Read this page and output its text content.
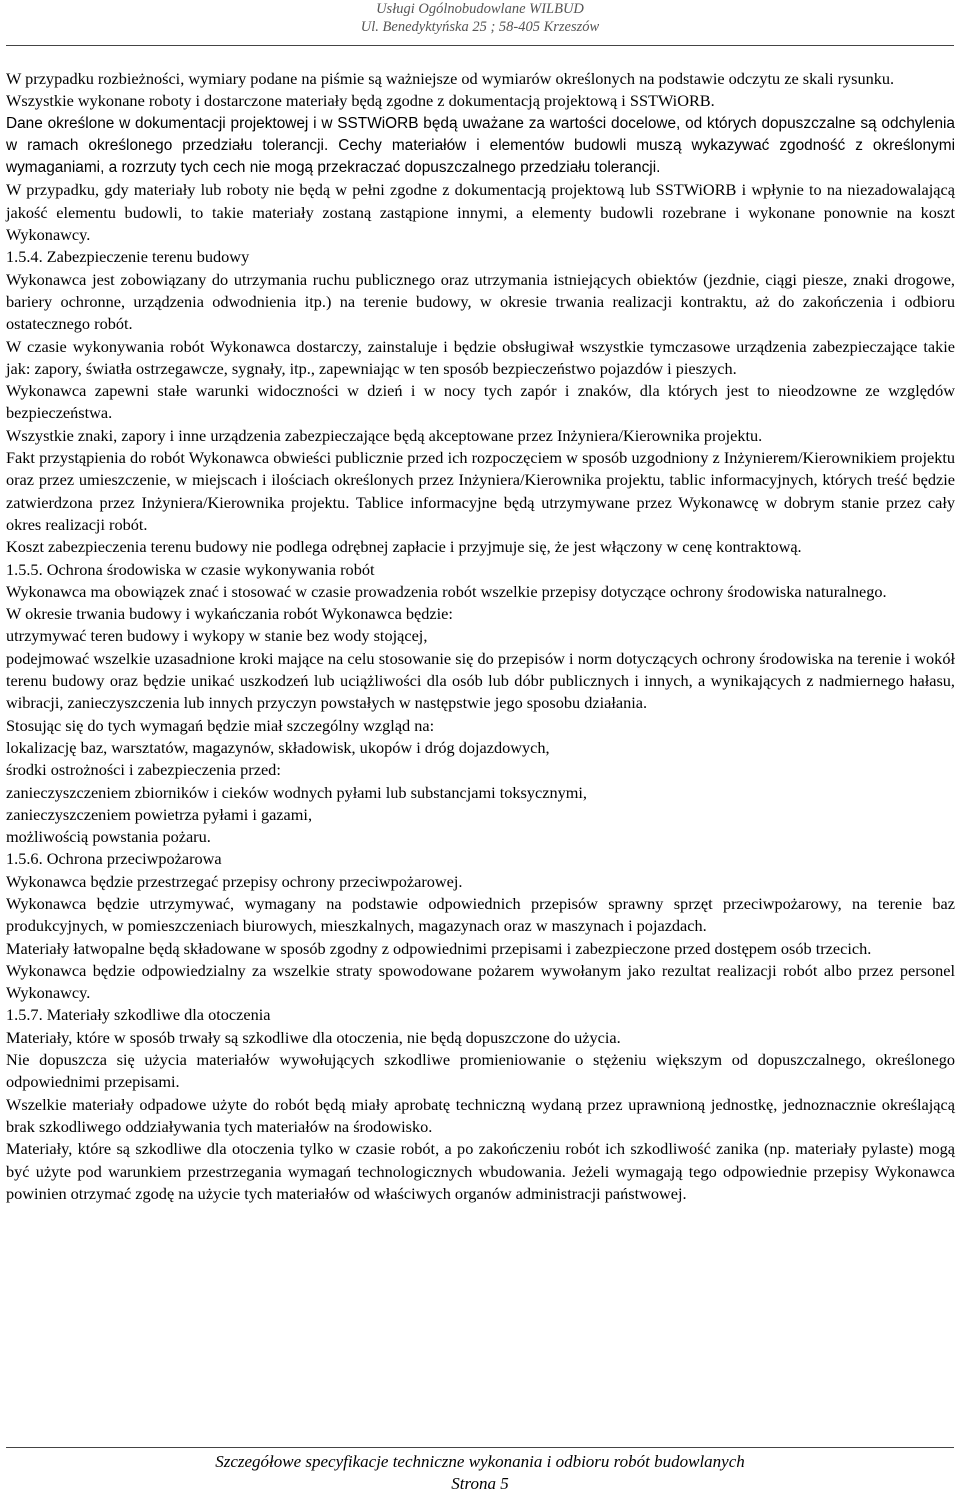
Usługi Ogólnobudowlane WILBUD
Ul. Benedyktyńska 25 ; 58-405 Krzeszów

W przypadku rozbieżności, wymiary podane na piśmie są ważniejsze od wymiarów określonych na podstawie odczytu ze skali rysunku.

Wszystkie wykonane roboty i dostarczone materiały będą zgodne z dokumentacją projektową i SSTWiORB.

Dane określone w dokumentacji projektowej i w SSTWiORB będą uważane za wartości docelowe, od których dopuszczalne są odchylenia w ramach określonego przedziału tolerancji. Cechy materiałów i elementów budowli muszą wykazywać zgodność z określonymi wymaganiami, a rozrzuty tych cech nie mogą przekraczać dopuszczalnego przedziału tolerancji.

W przypadku, gdy materiały lub roboty nie będą w pełni zgodne z dokumentacją projektową lub SSTWiORB i wpłynie to na niezadowalającą jakość elementu budowli, to takie materiały zostaną zastąpione innymi, a elementy budowli rozebrane i wykonane ponownie na koszt Wykonawcy.

1.5.4. Zabezpieczenie terenu budowy

Wykonawca jest zobowiązany do utrzymania ruchu publicznego oraz utrzymania istniejących obiektów (jezdnie, ciągi piesze, znaki drogowe, bariery ochronne, urządzenia odwodnienia itp.) na terenie budowy, w okresie trwania realizacji kontraktu, aż do zakończenia i odbioru ostatecznego robót.

W czasie wykonywania robót Wykonawca dostarczy, zainstaluje i będzie obsługiwał wszystkie tymczasowe urządzenia zabezpieczające takie jak: zapory, światła ostrzegawcze, sygnały, itp., zapewniając w ten sposób bezpieczeństwo pojazdów i pieszych.

Wykonawca zapewni stałe warunki widoczności w dzień i w nocy tych zapór i znaków, dla których jest to nieodzowne ze względów bezpieczeństwa.

Wszystkie znaki, zapory i inne urządzenia zabezpieczające będą akceptowane przez Inżyniera/Kierownika projektu.

Fakt przystąpienia do robót Wykonawca obwieści publicznie przed ich rozpoczęciem w sposób uzgodniony z Inżynierem/Kierownikiem projektu oraz przez umieszczenie, w miejscach i ilościach określonych przez Inżyniera/Kierownika projektu, tablic informacyjnych, których treść będzie zatwierdzona przez Inżyniera/Kierownika projektu. Tablice informacyjne będą utrzymywane przez Wykonawcę w dobrym stanie przez cały okres realizacji robót.

Koszt zabezpieczenia terenu budowy nie podlega odrębnej zapłacie i przyjmuje się, że jest włączony w cenę kontraktową.

1.5.5. Ochrona środowiska w czasie wykonywania robót

Wykonawca ma obowiązek znać i stosować w czasie prowadzenia robót wszelkie przepisy dotyczące ochrony środowiska naturalnego.

W okresie trwania budowy i wykańczania robót Wykonawca będzie:

utrzymywać teren budowy i wykopy w stanie bez wody stojącej,

podejmować wszelkie uzasadnione kroki mające na celu stosowanie się do przepisów i norm dotyczących ochrony środowiska na terenie i wokół terenu budowy oraz będzie unikać uszkodzeń lub uciążliwości dla osób lub dóbr publicznych i innych, a wynikających z nadmiernego hałasu, wibracji, zanieczyszczenia lub innych przyczyn powstałych w następstwie jego sposobu działania.

Stosując się do tych wymagań będzie miał szczególny wzgląd na:

lokalizację baz, warsztatów, magazynów, składowisk, ukopów i dróg dojazdowych,

środki ostrożności i zabezpieczenia przed:

zanieczyszczeniem zbiorników i cieków wodnych pyłami lub substancjami toksycznymi,

zanieczyszczeniem powietrza pyłami i gazami,

możliwością powstania pożaru.

1.5.6. Ochrona przeciwpożarowa

Wykonawca będzie przestrzegać przepisy ochrony przeciwpożarowej.

Wykonawca będzie utrzymywać, wymagany na podstawie odpowiednich przepisów sprawny sprzęt przeciwpożarowy, na terenie baz produkcyjnych, w pomieszczeniach biurowych, mieszkalnych, magazynach oraz w maszynach i pojazdach.

Materiały łatwopalne będą składowane w sposób zgodny z odpowiednimi przepisami i zabezpieczone przed dostępem osób trzecich.

Wykonawca będzie odpowiedzialny za wszelkie straty spowodowane pożarem wywołanym jako rezultat realizacji robót albo przez personel Wykonawcy.

1.5.7. Materiały szkodliwe dla otoczenia

Materiały, które w sposób trwały są szkodliwe dla otoczenia, nie będą dopuszczone do użycia.

Nie dopuszcza się użycia materiałów wywołujących szkodliwe promieniowanie o stężeniu większym od dopuszczalnego, określonego odpowiednimi przepisami.

Wszelkie materiały odpadowe użyte do robót będą miały aprobatę techniczną wydaną przez uprawnioną jednostkę, jednoznacznie określającą brak szkodliwego oddziaływania tych materiałów na środowisko.

Materiały, które są szkodliwe dla otoczenia tylko w czasie robót, a po zakończeniu robót ich szkodliwość zanika (np. materiały pylaste) mogą być użyte pod warunkiem przestrzegania wymagań technologicznych wbudowania. Jeżeli wymagają tego odpowiednie przepisy Wykonawca powinien otrzymać zgodę na użycie tych materiałów od właściwych organów administracji państwowej.

Szczegółowe specyfikacje techniczne wykonania i odbioru robót budowlanych
Strona 5
